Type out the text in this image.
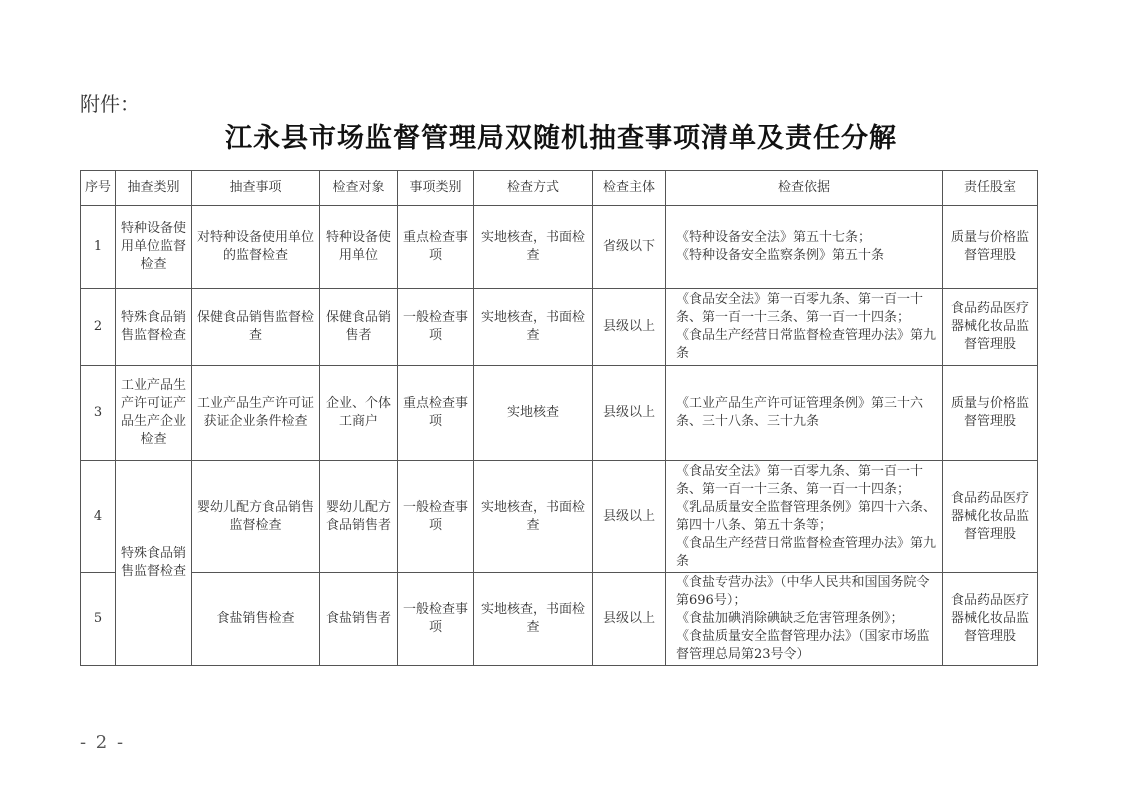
附件：
江永县市场监督管理局双随机抽查事项清单及责任分解
序号	抽查类别	抽查事项	检查对象	事项类别	检查方式	检查主体	检查依据	责任股室
1	特种设备使用单位监督检查	对特种设备使用单位的监督检查	特种设备使用单位	重点检查事项	实地核查，书面检查	省级以下	《特种设备安全法》第五十七条；
《特种设备安全监察条例》第五十条	质量与价格监督管理股
2	特殊食品销售监督检查	保健食品销售监督检查	保健食品销售者	一般检查事项	实地核查，书面检查	县级以上	《食品安全法》第一百零九条、第一百一十条、第一百一十三条、第一百一十四条；
《食品生产经营日常监督检查管理办法》第九条	食品药品医疗器械化妆品监督管理股
3	工业产品生产许可证产品生产企业检查	工业产品生产许可证获证企业条件检查	企业、个体工商户	重点检查事项	实地核查	县级以上	《工业产品生产许可证管理条例》第三十六条、三十八条、三十九条	质量与价格监督管理股
4	特殊食品销售监督检查	婴幼儿配方食品销售监督检查	婴幼儿配方食品销售者	一般检查事项	实地核查，书面检查	县级以上	《食品安全法》第一百零九条、第一百一十条、第一百一十三条、第一百一十四条；
《乳品质量安全监督管理条例》第四十六条、第四十八条、第五十条等；
《食品生产经营日常监督检查管理办法》第九条	食品药品医疗器械化妆品监督管理股
5		食盐销售检查	食盐销售者	一般检查事项	实地核查，书面检查	县级以上	《食盐专营办法》（中华人民共和国国务院令第696号）；
《食盐加碘消除碘缺乏危害管理条例》；
《食盐质量安全监督管理办法》（国家市场监督管理总局第23号令）	食品药品医疗器械化妆品监督管理股
- 2 -
